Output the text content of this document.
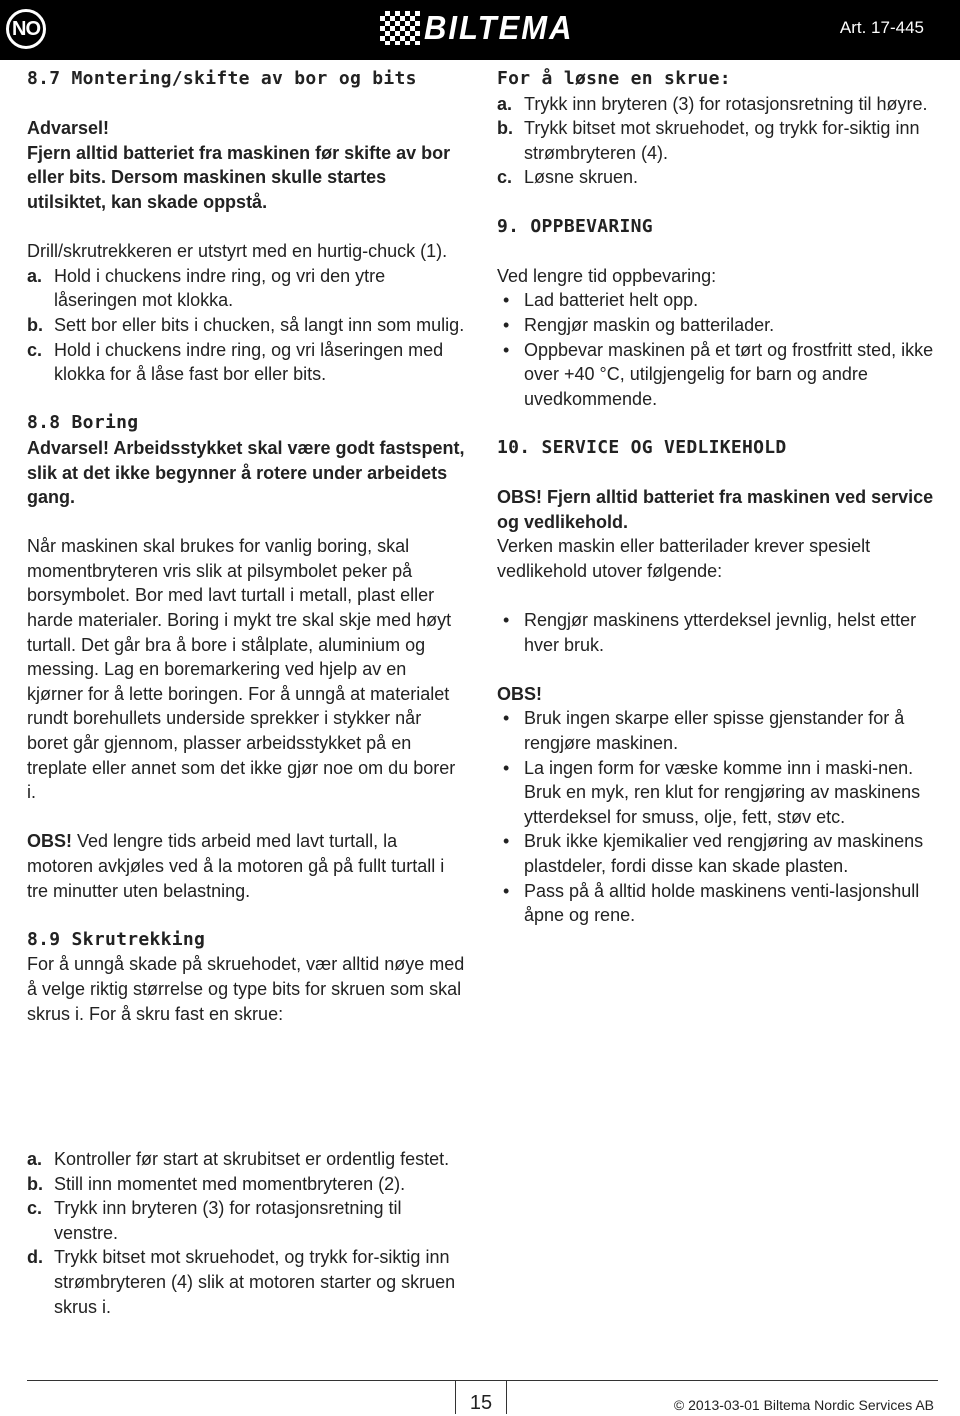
NO	BILTEMA	Art. 17-445

8.7 Montering/skifte av bor og bits

Advarsel!

Fjern alltid batteriet fra maskinen før skifte av bor eller bits. Dersom maskinen skulle startes utilsiktet, kan skade oppstå.

Drill/skrutrekkeren er utstyrt med en hurtig-chuck (1).

a. Hold i chuckens indre ring, og vri den ytre låseringen mot klokka.
b. Sett bor eller bits i chucken, så langt inn som mulig.
c. Hold i chuckens indre ring, og vri låseringen med klokka for å låse fast bor eller bits.

8.8 Boring

Advarsel! Arbeidsstykket skal være godt fastspent, slik at det ikke begynner å rotere under arbeidets gang.

Når maskinen skal brukes for vanlig boring, skal momentbryteren vris slik at pilsymbolet peker på borsymbolet. Bor med lavt turtall i metall, plast eller harde materialer. Boring i mykt tre skal skje med høyt turtall. Det går bra å bore i stålplate, aluminium og messing. Lag en boremarkering ved hjelp av en kjørner for å lette boringen. For å unngå at materialet rundt borehullets underside sprekker i stykker når boret går gjennom, plasser arbeidsstykket på en treplate eller annet som det ikke gjør noe om du borer i.

OBS! Ved lengre tids arbeid med lavt turtall, la motoren avkjøles ved å la motoren gå på fullt turtall i tre minutter uten belastning.

8.9 Skrutrekking

For å unngå skade på skruehodet, vær alltid nøye med å velge riktig størrelse og type bits for skruen som skal skrus i. For å skru fast en skrue:

a. Kontroller før start at skrubitset er ordentlig festet.
b. Still inn momentet med momentbryteren (2).
c. Trykk inn bryteren (3) for rotasjonsretning til venstre.
d. Trykk bitset mot skruehodet, og trykk for-siktig inn strømbryteren (4) slik at motoren starter og skruen skrus i.

For å løsne en skrue:

a. Trykk inn bryteren (3) for rotasjonsretning til høyre.
b. Trykk bitset mot skruehodet, og trykk for-siktig inn strømbryteren (4).
c. Løsne skruen.

9. OPPBEVARING

Ved lengre tid oppbevaring:

• Lad batteriet helt opp.
• Rengjør maskin og batterilader.
• Oppbevar maskinen på et tørt og frostfritt sted, ikke over +40 °C, utilgjengelig for barn og andre uvedkommende.

10. SERVICE OG VEDLIKEHOLD

OBS! Fjern alltid batteriet fra maskinen ved service og vedlikehold.

Verken maskin eller batterilader krever spesielt vedlikehold utover følgende:

• Rengjør maskinens ytterdeksel jevnlig, helst etter hver bruk.

OBS!

• Bruk ingen skarpe eller spisse gjenstander for å rengjøre maskinen.
• La ingen form for væske komme inn i maski-nen. Bruk en myk, ren klut for rengjøring av maskinens ytterdeksel for smuss, olje, fett, støv etc.
• Bruk ikke kjemikalier ved rengjøring av maskinens plastdeler, fordi disse kan skade plasten.
• Pass på å alltid holde maskinens venti-lasjonshull åpne og rene.
15	© 2013-03-01 Biltema Nordic Services AB
